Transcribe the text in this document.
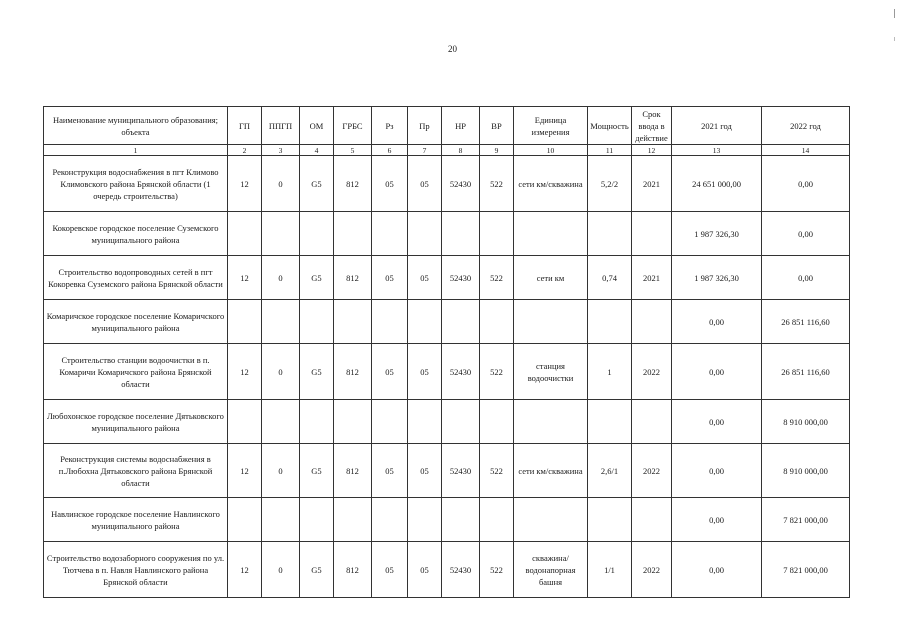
20
Наименование муниципального образования; объекта	ГП	ППГП	ОМ	ГРБС	Рз	Пр	НР	ВР	Единица измерения	Мощность	Срок ввода в действие	2021 год	2022 год
1	2	3	4	5	6	7	8	9	10	11	12	13	14
Реконструкция водоснабжения в пгт Климово Климовского района Брянской области (1 очередь строительства)	12	0	G5	812	05	05	52430	522	сети км/скважина	5,2/2	2021	24 651 000,00	0,00
Кокоревское городское поселение Суземского муниципального района												1 987 326,30	0,00
Строительство водопроводных сетей в пгт Кокоревка Суземского района Брянской области	12	0	G5	812	05	05	52430	522	сети км	0,74	2021	1 987 326,30	0,00
Комаричское городское поселение Комаричского муниципального района												0,00	26 851 116,60
Строительство станции водоочистки в п. Комаричи Комаричского района Брянской области	12	0	G5	812	05	05	52430	522	станция водоочистки	1	2022	0,00	26 851 116,60
Любохонское городское поселение Дятьковского муниципального района												0,00	8 910 000,00
Реконструкция системы водоснабжения в п.Любохна Дятьковского района Брянской области	12	0	G5	812	05	05	52430	522	сети км/скважина	2,6/1	2022	0,00	8 910 000,00
Навлинское городское поселение Навлинского муниципального района												0,00	7 821 000,00
Строительство водозаборного сооружения по ул. Тютчева в п. Навля Навлинского района Брянской области	12	0	G5	812	05	05	52430	522	скважина/водонапорная башня	1/1	2022	0,00	7 821 000,00
